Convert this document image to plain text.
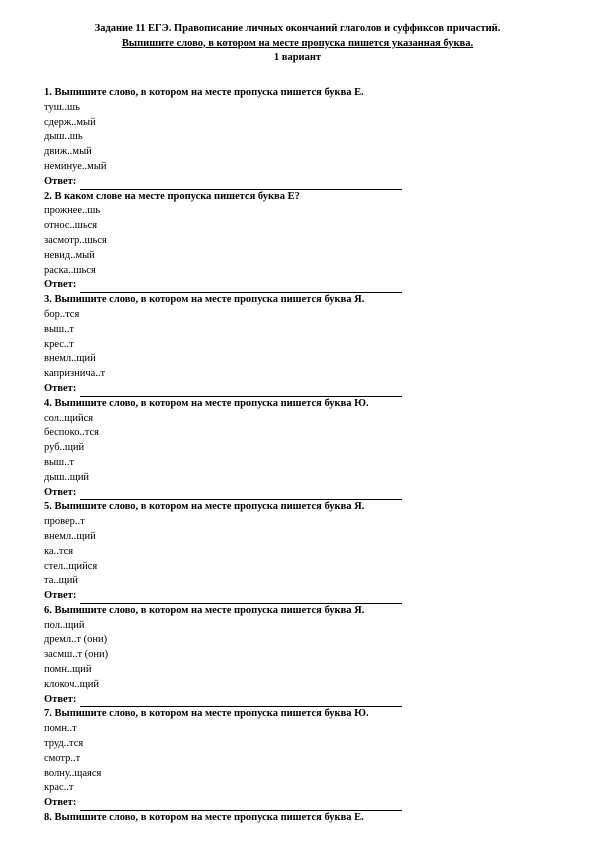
Задание 11 ЕГЭ. Правописание личных окончаний глаголов и суффиксов причастий.
Выпишите слово, в котором на месте пропуска пишется указанная буква.
1 вариант
1. Выпишите слово, в котором на месте пропуска пишется буква Е.
туш..шь
сдерж..мый
дыш..шь
движ..мый
неминуе..мый
Ответ:
2. В каком слове на месте пропуска пишется буква Е?
прожнее..шь
относ..шься
засмотр..шься
невид..мый
раска..шься
Ответ:
3. Выпишите слово, в котором на месте пропуска пишется буква Я.
бор..тся
выш..т
крес..т
внемл..щий
капризнича..т
Ответ:
4. Выпишите слово, в котором на месте пропуска пишется буква Ю.
сол..щийся
беспоко..тся
руб..щий
выш..т
дыш..щий
Ответ:
5. Выпишите слово, в котором на месте пропуска пишется буква Я.
провер..т
внемл..щий
ка..тся
стел..щийся
та..щий
Ответ:
6. Выпишите слово, в котором на месте пропуска пишется буква Я.
пол..щий
дремл..т (они)
засмш..т (они)
помн..щий
клокоч..щий
Ответ:
7. Выпишите слово, в котором на месте пропуска пишется буква Ю.
помн..т
труд..тся
смотр..т
волну..щаяся
крас..т
Ответ:
8. Выпишите слово, в котором на месте пропуска пишется буква Е.
